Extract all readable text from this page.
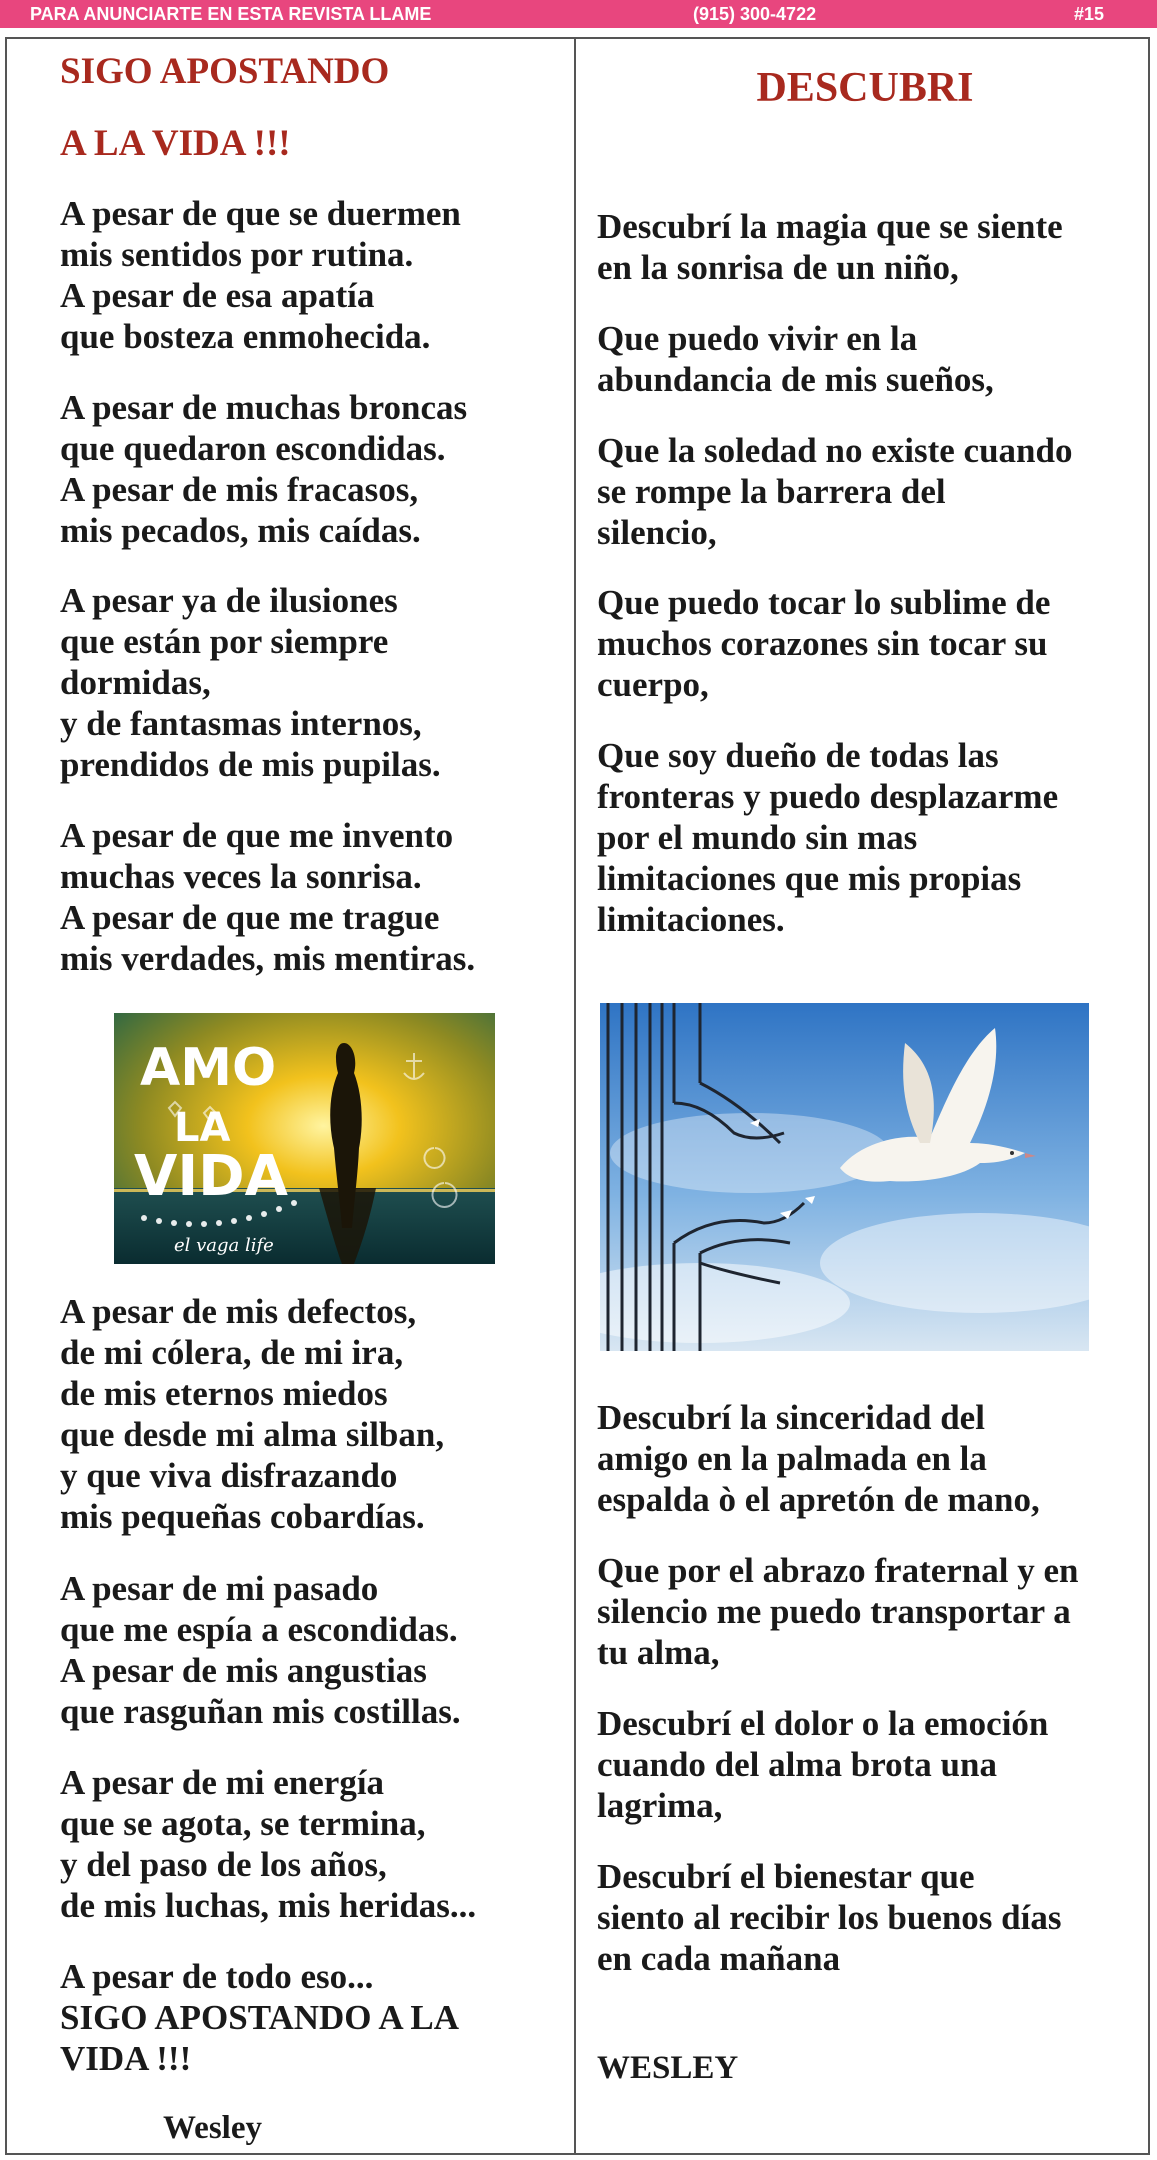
PARA ANUNCIARTE EN ESTA REVISTA LLAME	(915) 300-4722	#15
SIGO APOSTANDO
A LA VIDA !!!
A pesar de que se duermen
mis sentidos por rutina.
A pesar de esa apatía
que bosteza enmohecida.
A pesar de muchas broncas
que quedaron escondidas.
A pesar de mis fracasos,
mis pecados, mis caídas.
A pesar ya de ilusiones
que están por siempre
dormidas,
y de fantasmas internos,
prendidos de mis pupilas.
A pesar de que me invento
muchas veces la sonrisa.
A pesar de que me trague
mis verdades, mis mentiras.
AMO
LA
VIDA
el vaga life
A pesar de mis defectos,
de mi cólera, de mi ira,
de mis eternos miedos
que desde mi alma silban,
y que viva disfrazando
mis pequeñas cobardías.
A pesar de mi pasado
que me espía a escondidas.
A pesar de mis angustias
que rasguñan mis costillas.
A pesar de mi energía
que se agota, se termina,
y del paso de los años,
de mis luchas, mis heridas...
A pesar de todo eso...
SIGO APOSTANDO A LA
VIDA !!!
Wesley
DESCUBRI
Descubrí la magia que se siente
en la sonrisa de un niño,
Que puedo vivir en la
abundancia de mis sueños,
Que la soledad no existe cuando
se rompe la barrera del
silencio,
Que puedo tocar lo sublime de
muchos corazones sin tocar su
cuerpo,
Que soy dueño de todas las
fronteras y puedo desplazarme
por el mundo sin mas
limitaciones que mis propias
limitaciones.
Descubrí la sinceridad del
amigo en la palmada en la
espalda ò el apretón de mano,
Que por el abrazo fraternal y en
silencio me puedo transportar a
tu alma,
Descubrí el dolor o la emoción
cuando del alma brota una
lagrima,
Descubrí el bienestar que
siento al recibir los buenos días
en cada mañana
WESLEY
